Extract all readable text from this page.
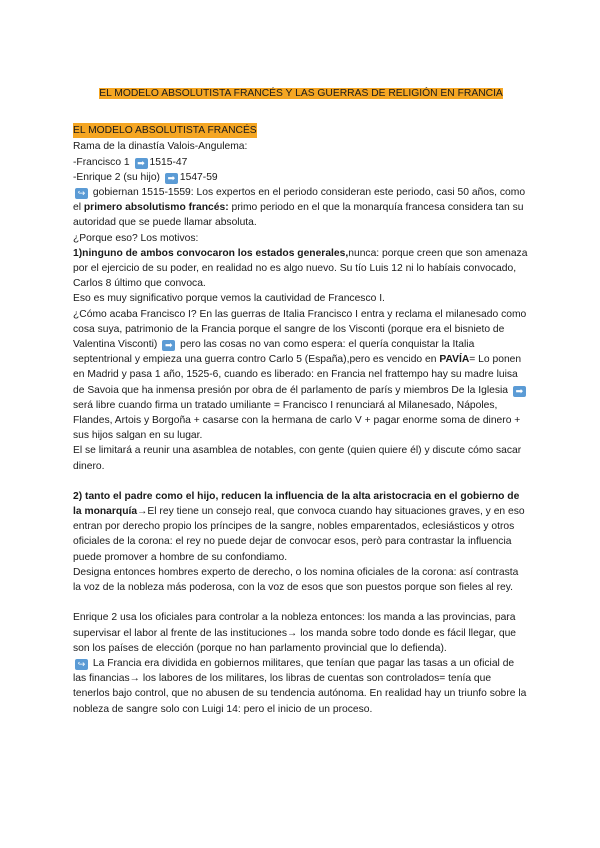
EL MODELO ABSOLUTISTA FRANCÉS Y LAS GUERRAS DE RELIGIÓN EN FRANCIA
EL MODELO ABSOLUTISTA FRANCÉS

Rama de la dinastía Valois-Angulema:

-Francisco 1 ➡ 1515-47

-Enrique 2 (su hijo) ➡ 1547-59

↪ gobiernan 1515-1559: Los expertos en el periodo consideran este periodo, casi 50 años, como el primero absolutismo francés: primo periodo en el que la monarquía francesa considera tan su autoridad que se puede llamar absoluta.

¿Porque eso? Los motivos:

1)ninguno de ambos convocaron los estados generales,nunca: porque creen que son amenaza por el ejercicio de su poder, en realidad no es algo nuevo. Su tío Luis 12 ni lo habíais convocado, Carlos 8 último que convoca.

Eso es muy significativo porque vemos la cautividad de Francesco I.

¿Cómo acaba Francisco I? En las guerras de Italia Francisco I entra y reclama el milanesado como cosa suya, patrimonio de la Francia porque el sangre de los Visconti (porque era el bisnieto de Valentina Visconti) ➡ pero las cosas no van como espera: el quería conquistar la Italia septentrional y empieza una guerra contro Carlo 5 (España),pero es vencido en PAVÍA= Lo ponen en Madrid y pasa 1 año, 1525-6, cuando es liberado: en Francia nel frattempo hay su madre luisa de Savoia que ha inmensa presión por obra de él parlamento de parís y miembros De la Iglesia ➡ será libre cuando firma un tratado umiliante = Francisco I renunciará al Milanesado, Nápoles, Flandes, Artois y Borgoña + casarse con la hermana de carlo V + pagar enorme soma de dinero + sus hijos salgan en su lugar.

El se limitará a reunir una asamblea de notables, con gente (quien quiere él) y discute cómo sacar dinero.

2) tanto el padre como el hijo, reducen la influencia de la alta aristocracia en el gobierno de la monarquía→El rey tiene un consejo real, que convoca cuando hay situaciones graves, y en eso entran por derecho propio los príncipes de la sangre, nobles emparentados, eclesiásticos y otros oficiales de la corona: el rey no puede dejar de convocar esos, però para contrastar la influencia puede promover a hombre de su confondiamo.

Designa entonces hombres experto de derecho, o los nomina oficiales de la corona: así contrasta la voz de la nobleza más poderosa, con la voz de esos que son puestos porque son fieles al rey.

Enrique 2 usa los oficiales para controlar a la nobleza entonces: los manda a las provincias, para supervisar el labor al frente de las instituciones→ los manda sobre todo donde es fácil llegar, que son los países de elección (porque no han parlamento provincial que lo defienda).

↪ La Francia era dividida en gobiernos militares, que tenían que pagar las tasas a un oficial de las financias→ los labores de los militares, los libras de cuentas son controlados= tenía que tenerlos bajo control, que no abusen de su tendencia autónoma. En realidad hay un triunfo sobre la nobleza de sangre solo con Luigi 14: pero el inicio de un proceso.
